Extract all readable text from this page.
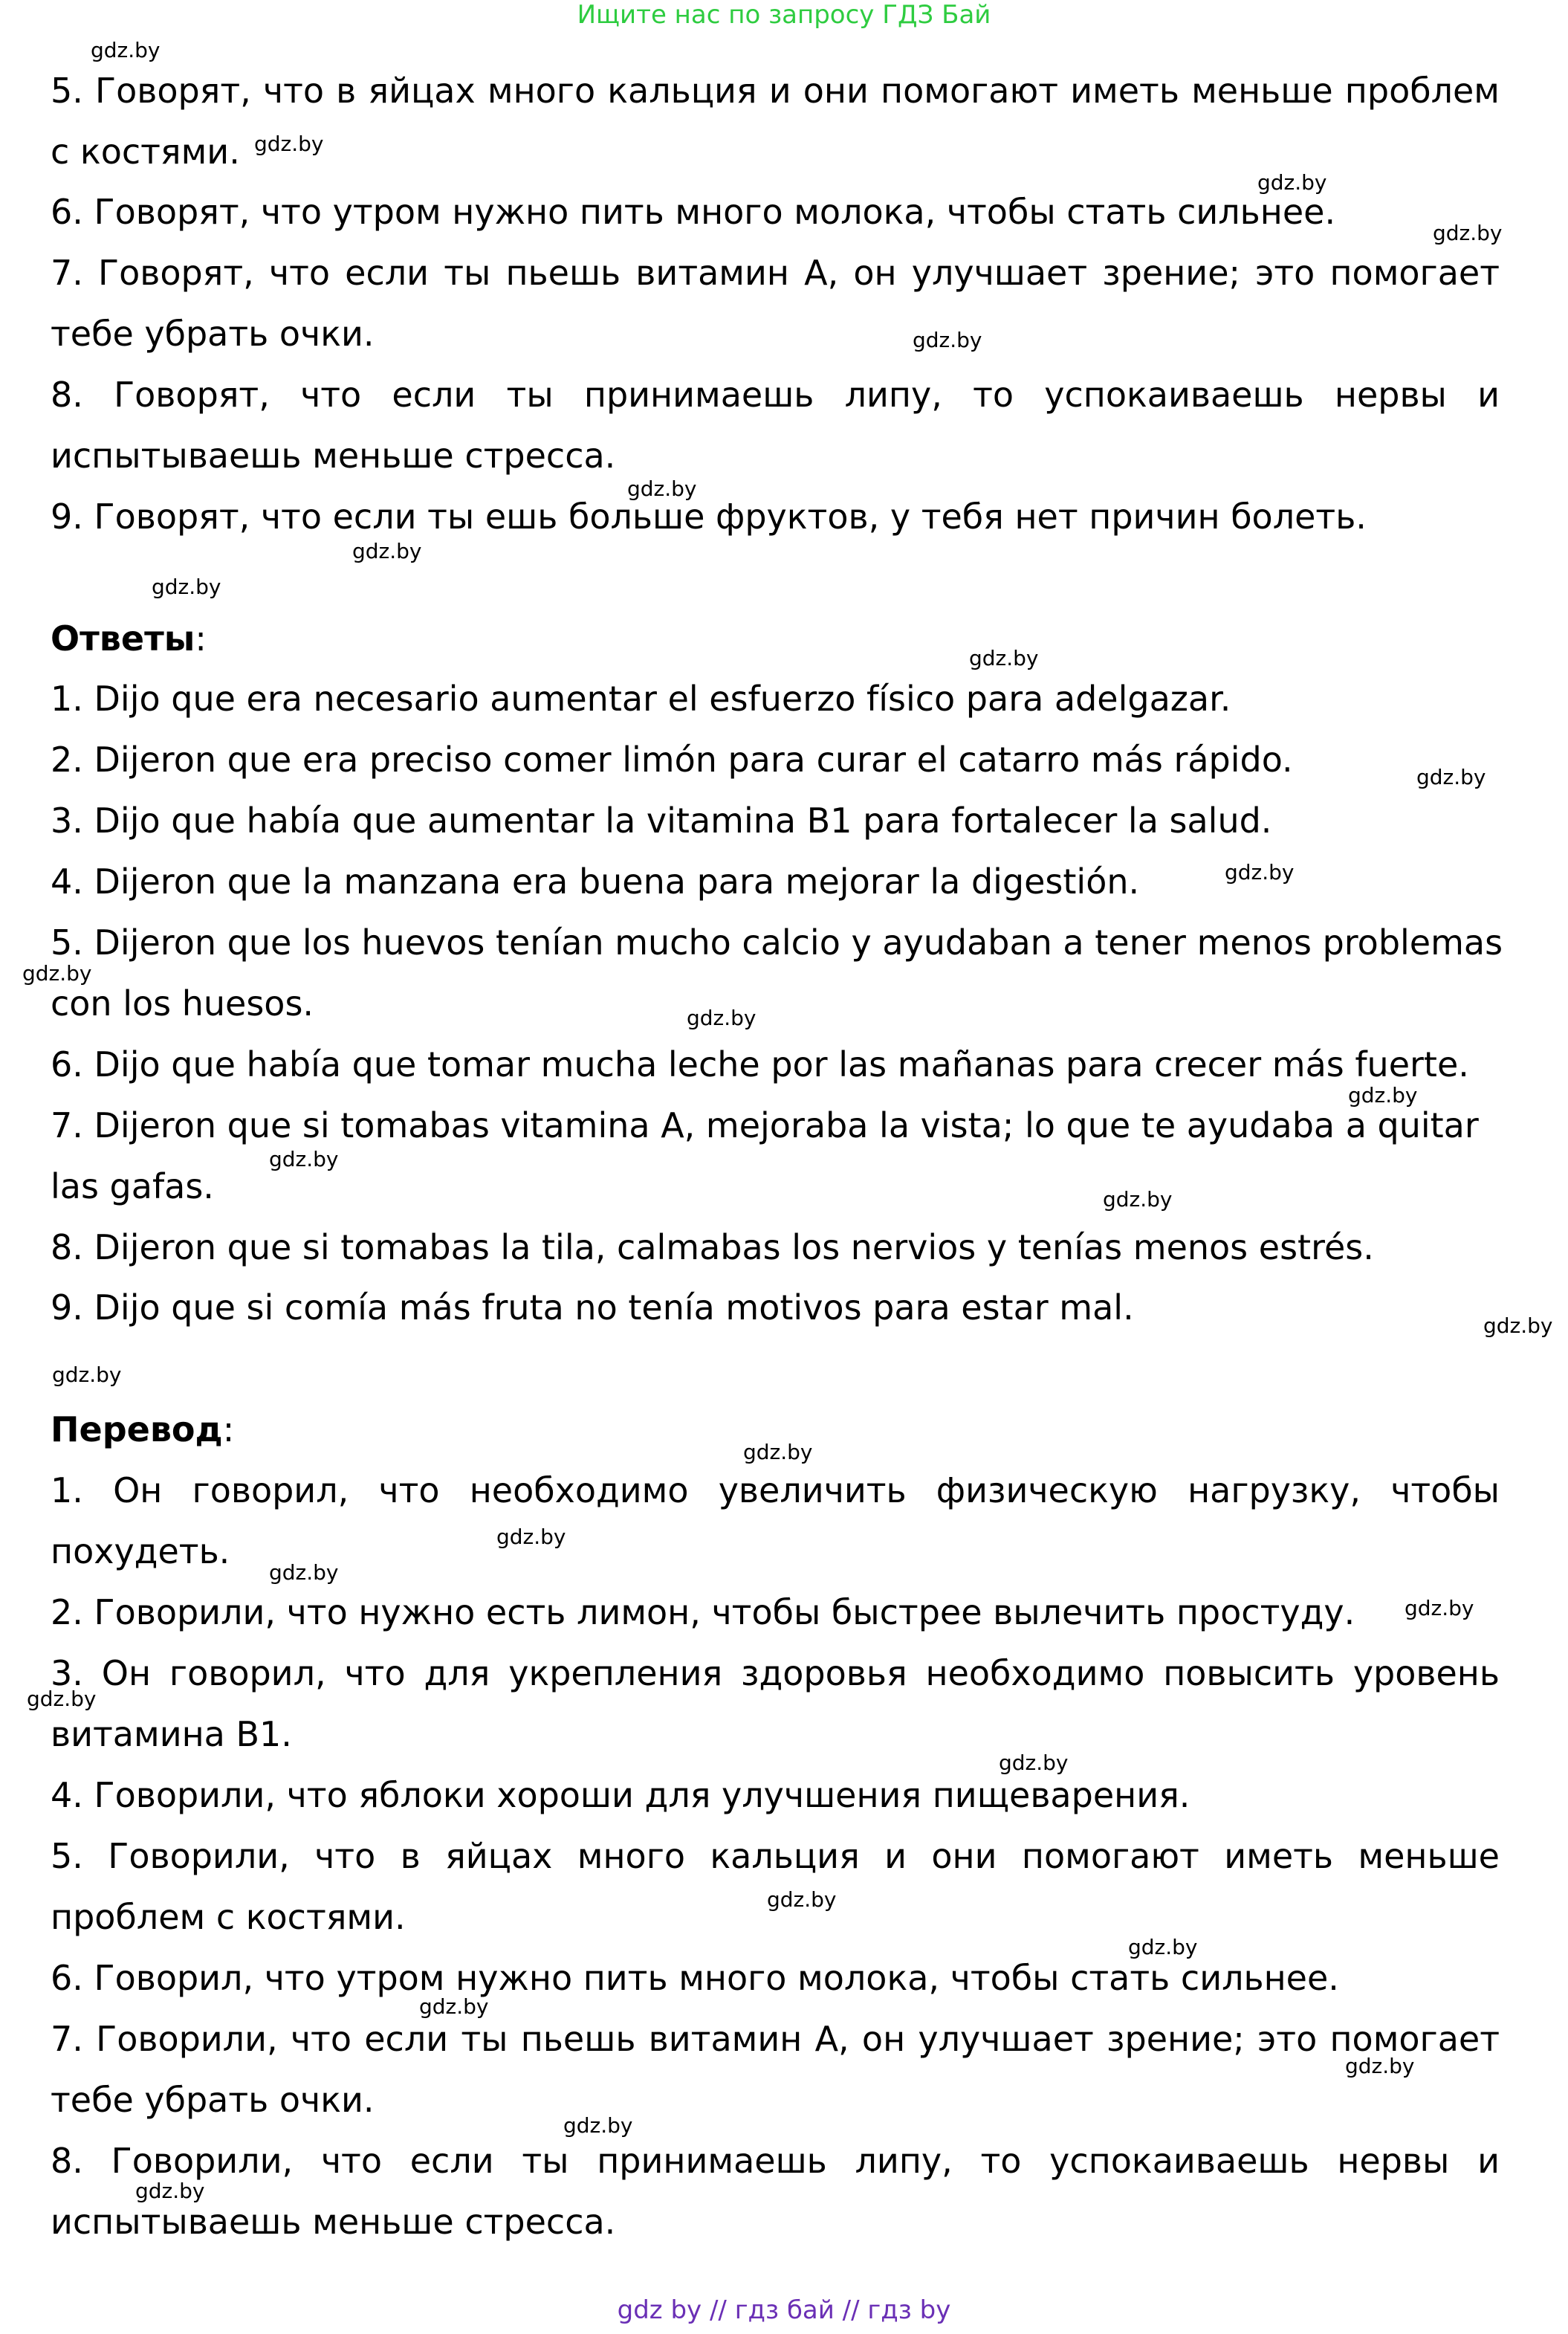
Ищите нас по запросу ГДЗ Бай
5. Говорят, что в яйцах много кальция и они помогают иметь меньше проблем
с костями.
6. Говорят, что утром нужно пить много молока, чтобы стать сильнее.
7. Говорят, что если ты пьешь витамин А, он улучшает зрение; это помогает
тебе убрать очки.
8. Говорят, что если ты принимаешь липу, то успокаиваешь нервы и
испытываешь меньше стресса.
9. Говорят, что если ты ешь больше фруктов, у тебя нет причин болеть.
Ответы:
1. Dijo que era necesario aumentar el esfuerzo físico para adelgazar.
2. Dijeron que era preciso comer limón para curar el catarro más rápido.
3. Dijo que había que aumentar la vitamina B1 para fortalecer la salud.
4. Dijeron que la manzana era buena para mejorar la digestión.
5. Dijeron que los huevos tenían mucho calcio y ayudaban a tener menos problemas
con los huesos.
6. Dijo que había que tomar mucha leche por las mañanas para crecer más fuerte.
7. Dijeron que si tomabas vitamina A, mejoraba la vista; lo que te ayudaba a quitar
las gafas.
8. Dijeron que si tomabas la tila, calmabas los nervios y tenías menos estrés.
9. Dijo que si comía más fruta no tenía motivos para estar mal.
Перевод:
1. Он говорил, что необходимо увеличить физическую нагрузку, чтобы
похудеть.
2. Говорили, что нужно есть лимон, чтобы быстрее вылечить простуду.
3. Он говорил, что для укрепления здоровья необходимо повысить уровень
витамина В1.
4. Говорили, что яблоки хороши для улучшения пищеварения.
5. Говорили, что в яйцах много кальция и они помогают иметь меньше
проблем с костями.
6. Говорил, что утром нужно пить много молока, чтобы стать сильнее.
7. Говорили, что если ты пьешь витамин А, он улучшает зрение; это помогает
тебе убрать очки.
8. Говорили, что если ты принимаешь липу, то успокаиваешь нервы и
испытываешь меньше стресса.
gdz.by
gdz.by
gdz.by
gdz.by
gdz.by
gdz.by
gdz.by
gdz.by
gdz.by
gdz.by
gdz.by
gdz.by
gdz.by
gdz.by
gdz.by
gdz.by
gdz.by
gdz.by
gdz.by
gdz.by
gdz.by
gdz.by
gdz.by
gdz.by
gdz.by
gdz.by
gdz.by
gdz.by
gdz.by
gdz.by
gdz by // гдз бай // гдз by
